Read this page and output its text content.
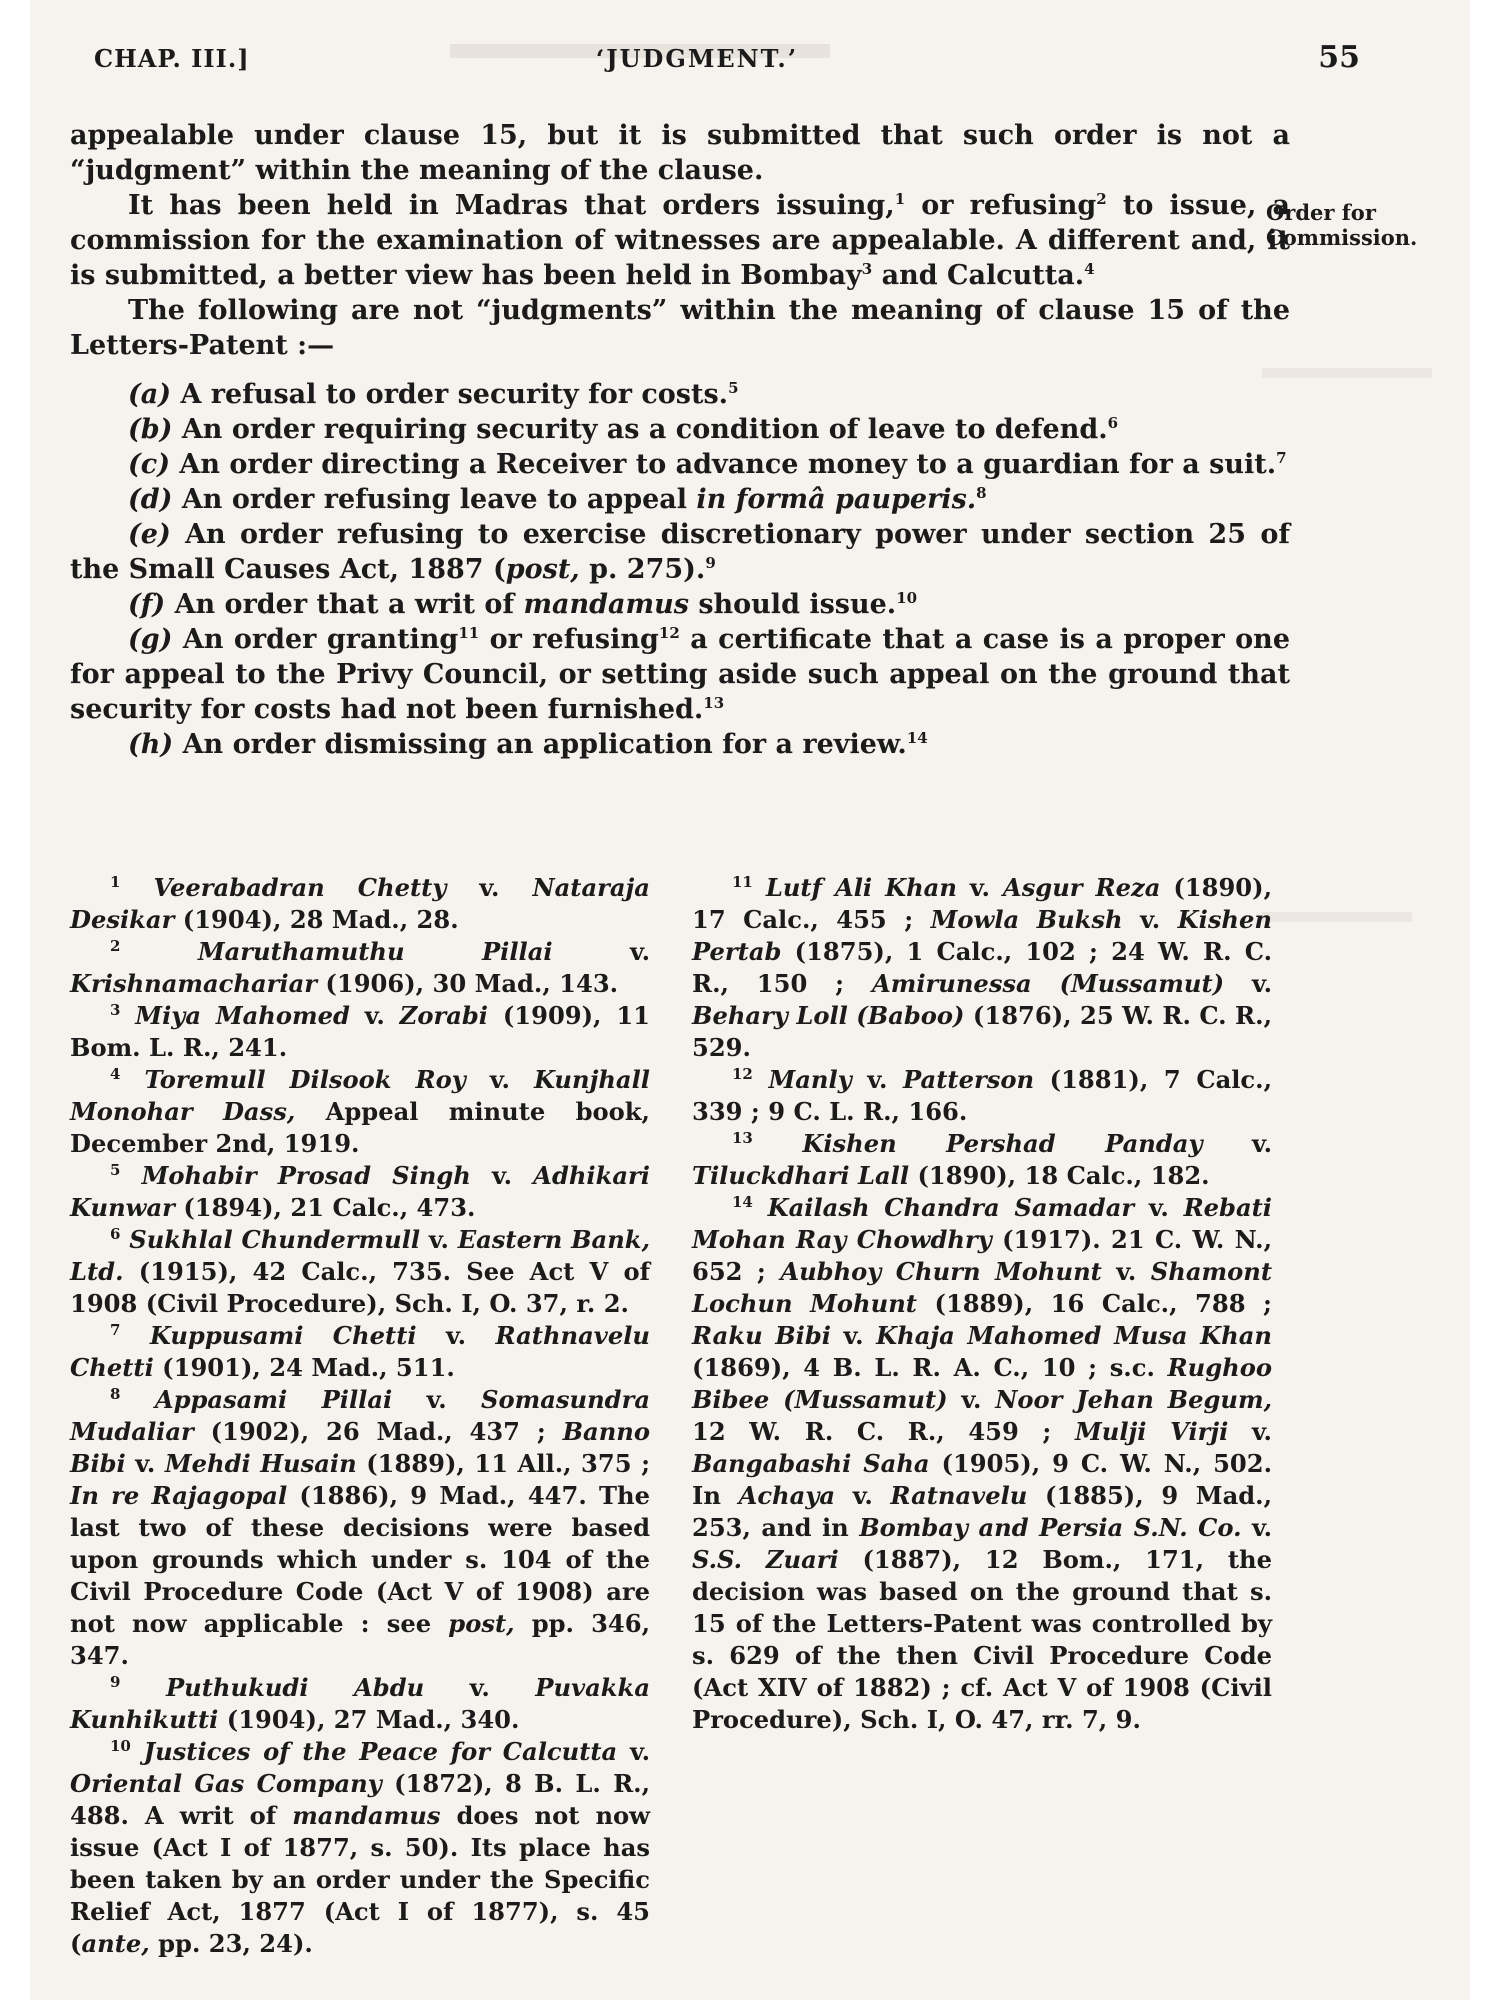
CHAP. III.]	‘JUDGMENT.’	55
Order for Commission.

appealable under clause 15, but it is submitted that such order is not a “judgment” within the meaning of the clause.

It has been held in Madras that orders issuing,$^1$ or refusing$^2$ to issue, a commission for the examination of witnesses are appealable. A different and, it is submitted, a better view has been held in Bombay$^3$ and Calcutta.$^4$

The following are not “judgments” within the meaning of clause 15 of the Letters-Patent :—

(a) A refusal to order security for costs.$^5$

(b) An order requiring security as a condition of leave to defend.$^6$

(c) An order directing a Receiver to advance money to a guardian for a suit.$^7$

(d) An order refusing leave to appeal in formâ pauperis.$^8$

(e) An order refusing to exercise discretionary power under section 25 of the Small Causes Act, 1887 (post, p. 275).$^9$

(f) An order that a writ of mandamus should issue.$^{10}$

(g) An order granting$^{11}$ or refusing$^{12}$ a certificate that a case is a proper one for appeal to the Privy Council, or setting aside such appeal on the ground that security for costs had not been furnished.$^{13}$

(h) An order dismissing an application for a review.$^{14}$

$^1$ Veerabadran Chetty v. Nataraja Desikar (1904), 28 Mad., 28.

$^2$	Maruthamuthu Pillai v. Krishnamachariar (1906), 30 Mad., 143.

$^3$ Miya Mahomed v. Zorabi (1909), 11 Bom. L. R., 241.

$^4$ Toremull Dilsook Roy v. Kunjhall Monohar Dass, Appeal minute book, December 2nd, 1919.

$^5$ Mohabir Prosad Singh v. Adhikari Kunwar (1894), 21 Calc., 473.

$^6$ Sukhlal Chundermull v. Eastern Bank, Ltd. (1915), 42 Calc., 735. See Act V of 1908 (Civil Procedure), Sch. I, O. 37, r. 2.

$^7$ Kuppusami Chetti v. Rathnavelu Chetti (1901), 24 Mad., 511.

$^8$ Appasami Pillai v. Somasundra Mudaliar (1902), 26 Mad., 437 ; Banno Bibi v. Mehdi Husain (1889), 11 All., 375 ; In re Rajagopal (1886), 9 Mad., 447. The last two of these decisions were based upon grounds which under s. 104 of the Civil Procedure Code (Act V of 1908) are not now applicable : see post, pp. 346, 347.

$^9$ Puthukudi Abdu v. Puvakka Kunhikutti (1904), 27 Mad., 340.

$^{10}$ Justices of the Peace for Calcutta v. Oriental Gas Company (1872), 8 B. L. R., 488. A writ of mandamus does not now issue (Act I of 1877, s. 50). Its place has been taken by an order under the Specific Relief Act, 1877 (Act I of 1877), s. 45 (ante, pp. 23, 24).

$^{11}$ Lutf Ali Khan v. Asgur Reza (1890), 17 Calc., 455 ; Mowla Buksh v. Kishen Pertab (1875), 1 Calc., 102 ; 24 W. R. C. R., 150 ; Amirunessa (Mussamut) v. Behary Loll (Baboo) (1876), 25 W. R. C. R., 529.

$^{12}$ Manly v. Patterson (1881), 7 Calc., 339 ; 9 C. L. R., 166.

$^{13}$ Kishen Pershad Panday v. Tiluckdhari Lall (1890), 18 Calc., 182.

$^{14}$ Kailash Chandra Samadar v. Rebati Mohan Ray Chowdhry (1917). 21 C. W. N., 652 ; Aubhoy Churn Mohunt v. Shamont Lochun Mohunt (1889), 16 Calc., 788 ; Raku Bibi v. Khaja Mahomed Musa Khan (1869), 4 B. L. R. A. C., 10 ; s.c. Rughoo Bibee (Mussamut) v. Noor Jehan Begum, 12 W. R. C. R., 459 ; Mulji Virji v. Bangabashi Saha (1905), 9 C. W. N., 502. In Achaya v. Ratnavelu (1885), 9 Mad., 253, and in Bombay and Persia S.N. Co. v. S.S. Zuari (1887), 12 Bom., 171, the decision was based on the ground that s. 15 of the Letters-Patent was controlled by s. 629 of the then Civil Procedure Code (Act XIV of 1882) ; cf. Act V of 1908 (Civil Procedure), Sch. I, O. 47, rr. 7, 9.
